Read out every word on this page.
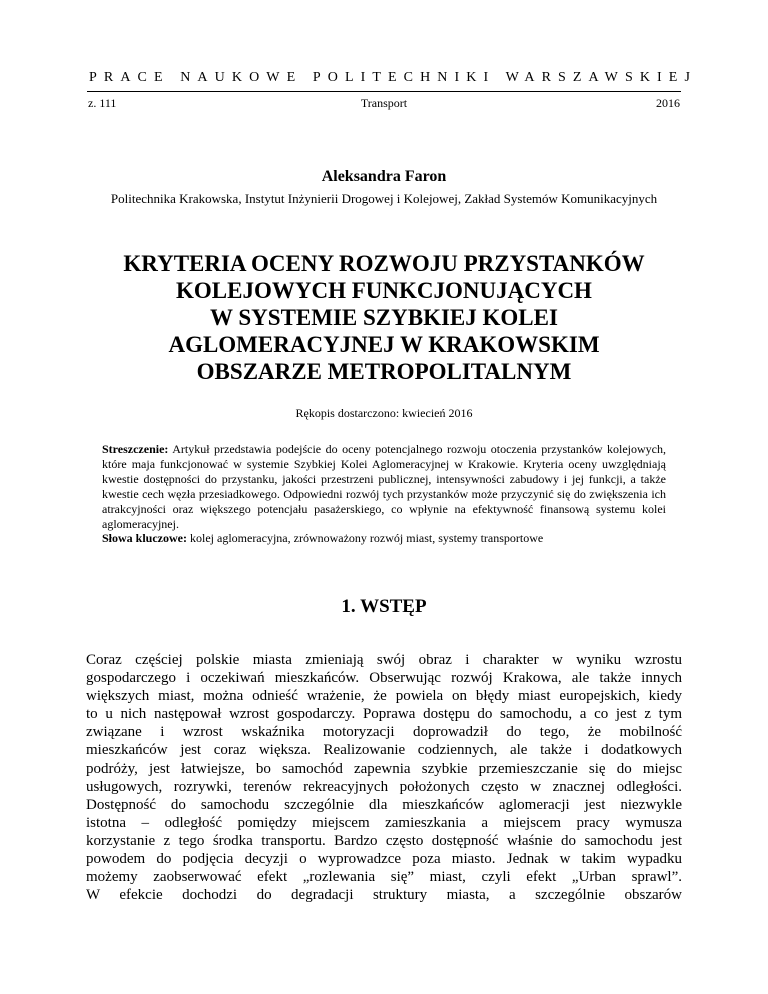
PRACE NAUKOWE POLITECHNIKI WARSZAWSKIEJ
z. 111	Transport	2016
Aleksandra Faron
Politechnika Krakowska, Instytut Inżynierii Drogowej i Kolejowej, Zakład Systemów Komunikacyjnych
KRYTERIA OCENY ROZWOJU PRZYSTANKÓW
KOLEJOWYCH FUNKCJONUJĄCYCH
W SYSTEMIE SZYBKIEJ KOLEI
AGLOMERACYJNEJ W KRAKOWSKIM
OBSZARZE METROPOLITALNYM
Rękopis dostarczono: kwiecień 2016

Streszczenie: Artykuł przedstawia podejście do oceny potencjalnego rozwoju otoczenia przystanków kolejowych, które maja funkcjonować w systemie Szybkiej Kolei Aglomeracyjnej w Krakowie. Kryteria oceny uwzględniają kwestie dostępności do przystanku, jakości przestrzeni publicznej, intensywności zabudowy i jej funkcji, a także kwestie cech węzła przesiadkowego. Odpowiedni rozwój tych przystanków może przyczynić się do zwiększenia ich atrakcyjności oraz większego potencjału pasażerskiego, co wpłynie na efektywność finansową systemu kolei aglomeracyjnej.

Słowa kluczowe: kolej aglomeracyjna, zrównoważony rozwój miast, systemy transportowe

1. WSTĘP
Coraz częściej polskie miasta zmieniają swój obraz i charakter w wyniku wzrostu
gospodarczego i oczekiwań mieszkańców. Obserwując rozwój Krakowa, ale także innych
większych miast, można odnieść wrażenie, że powiela on błędy miast europejskich, kiedy
to u nich następował wzrost gospodarczy. Poprawa dostępu do samochodu, a co jest z tym
związane i wzrost wskaźnika motoryzacji doprowadził do tego, że mobilność
mieszkańców jest coraz większa. Realizowanie codziennych, ale także i dodatkowych
podróży, jest łatwiejsze, bo samochód zapewnia szybkie przemieszczanie się do miejsc
usługowych, rozrywki, terenów rekreacyjnych położonych często w znacznej odległości.
Dostępność do samochodu szczególnie dla mieszkańców aglomeracji jest niezwykle
istotna – odległość pomiędzy miejscem zamieszkania a miejscem pracy wymusza
korzystanie z tego środka transportu. Bardzo często dostępność właśnie do samochodu jest
powodem do podjęcia decyzji o wyprowadzce poza miasto. Jednak w takim wypadku
możemy zaobserwować efekt „rozlewania się” miast, czyli efekt „Urban sprawl”.
W efekcie dochodzi do degradacji struktury miasta, a szczególnie obszarów
